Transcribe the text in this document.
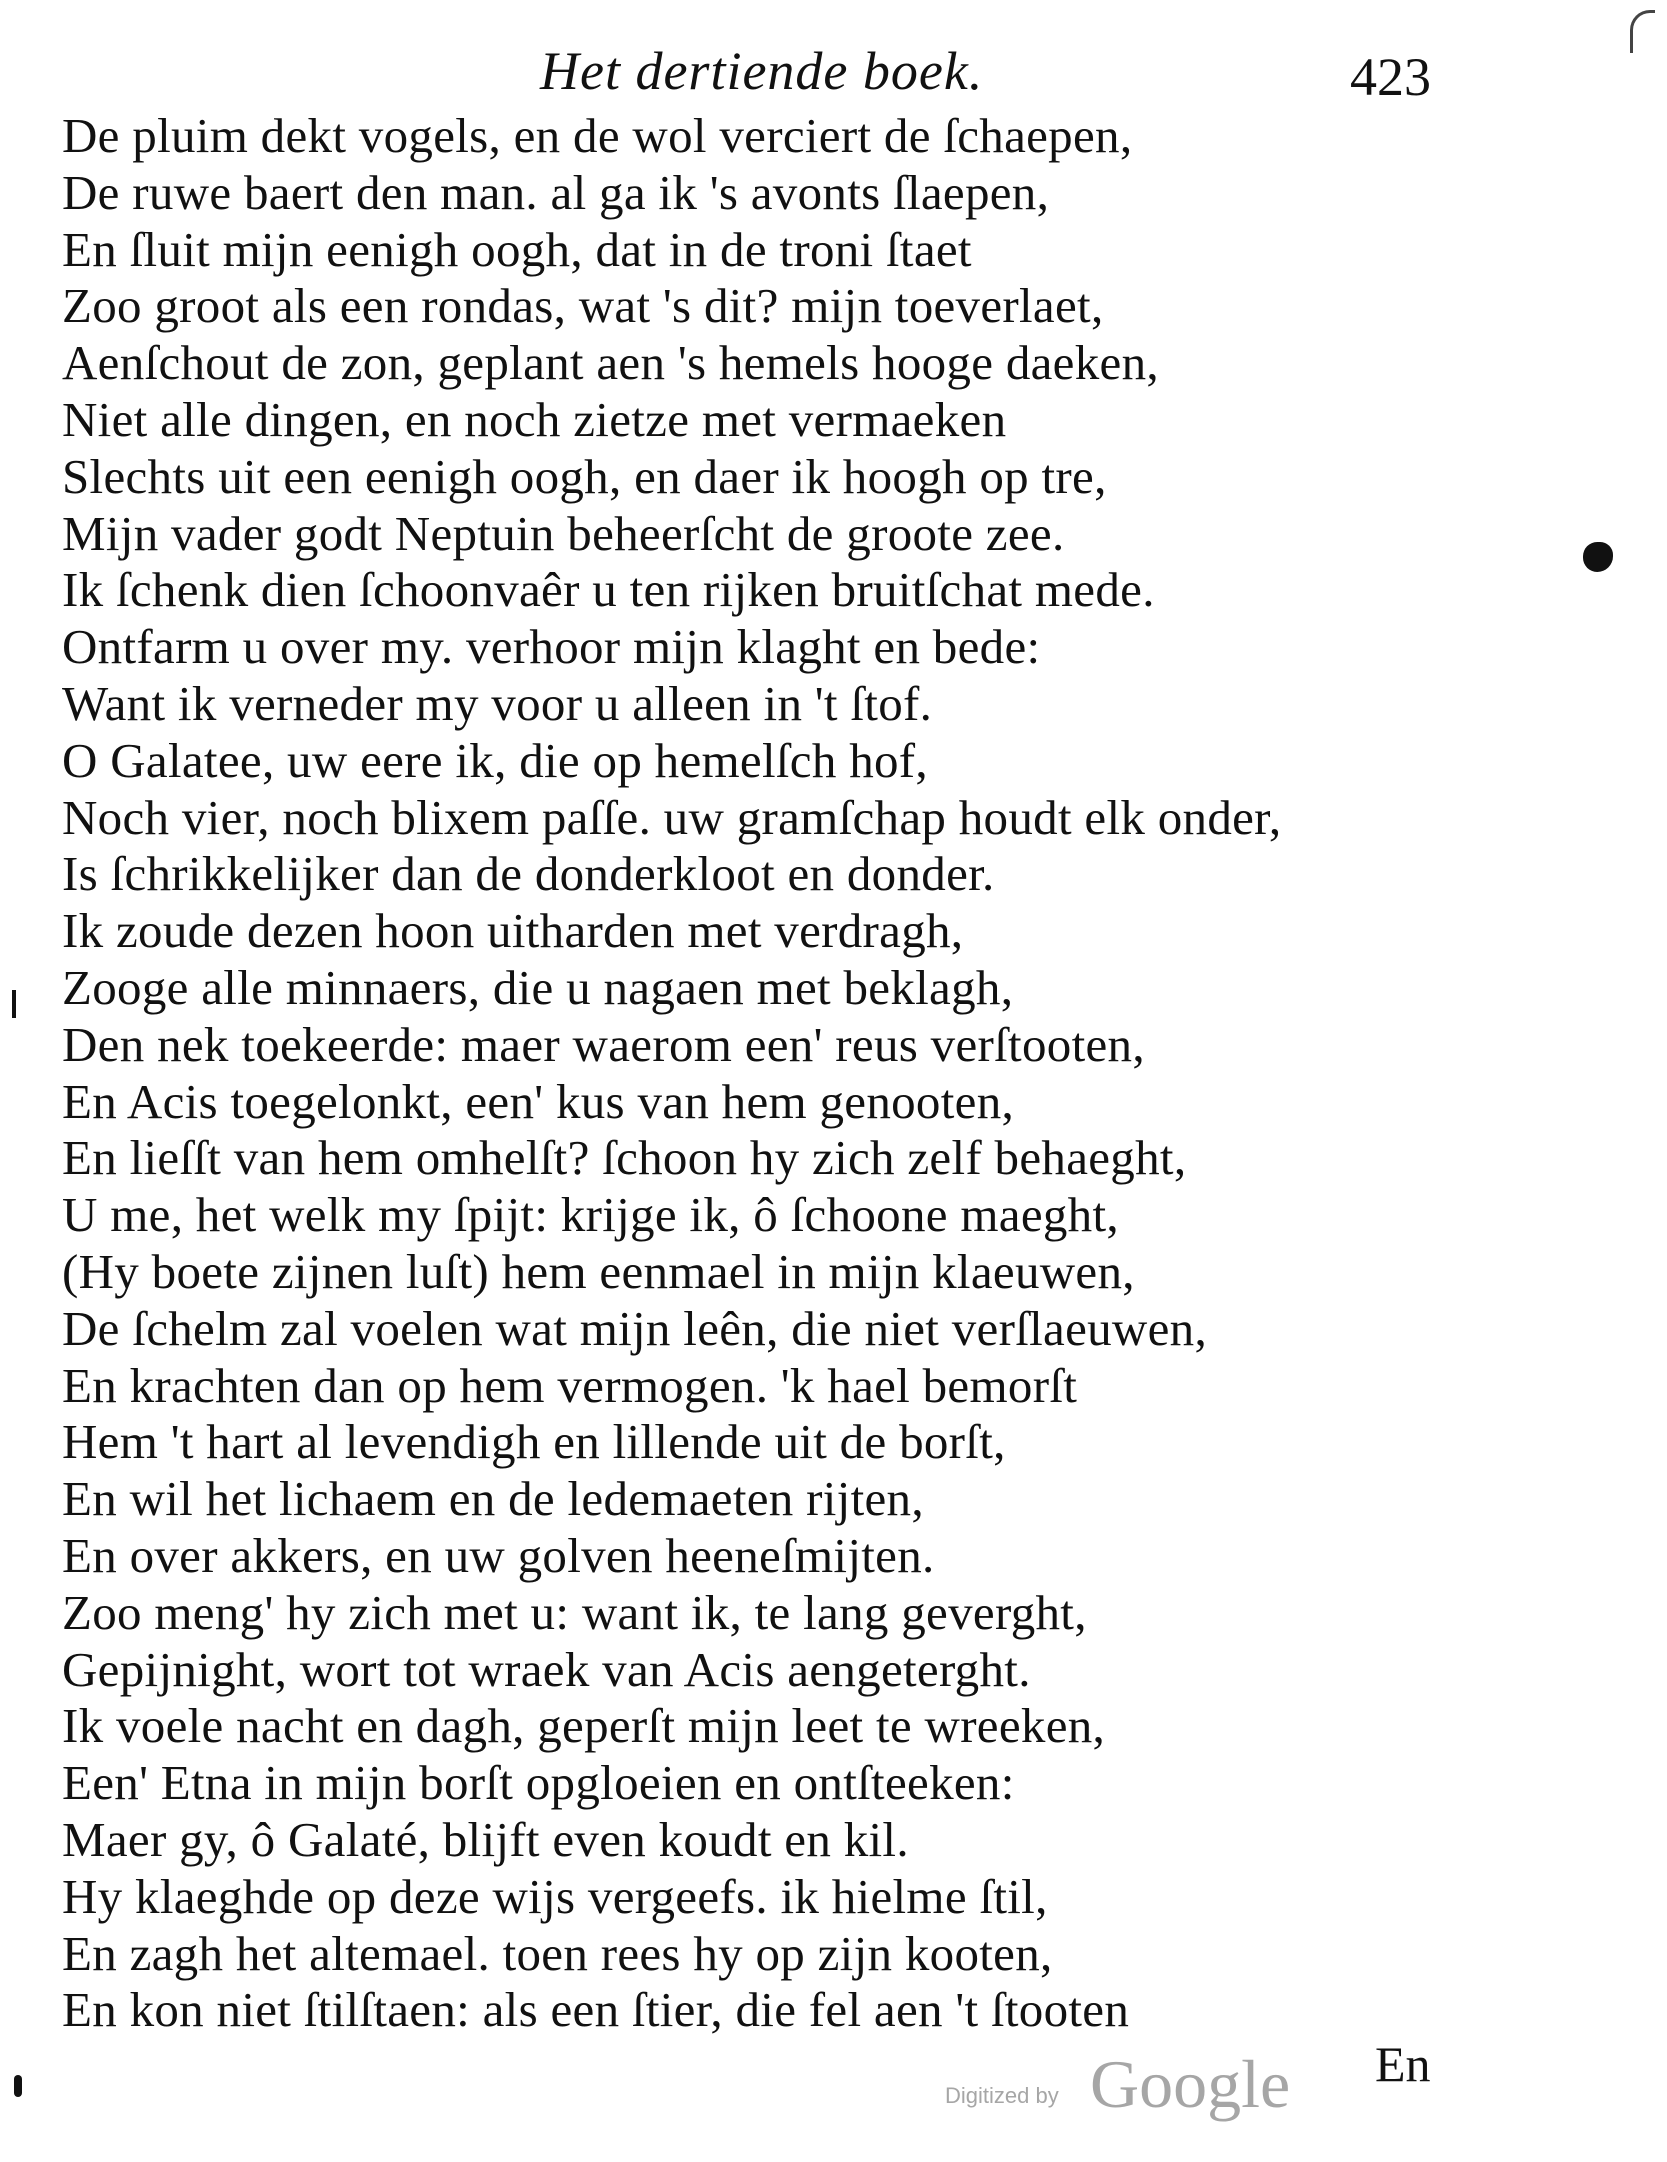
Het dertiende boek.	423
De pluim dekt vogels, en de wol verciert de ſchaepen,
De ruwe baert den man. al ga ik 's avonts ſlaepen,
En ſluit mijn eenigh oogh, dat in de troni ſtaet
Zoo groot als een rondas, wat 's dit? mijn toeverlaet,
Aenſchout de zon, geplant aen 's hemels hooge daeken,
Niet alle dingen, en noch zietze met vermaeken
Slechts uit een eenigh oogh, en daer ik hoogh op tre,
Mijn vader godt Neptuin beheerſcht de groote zee.
Ik ſchenk dien ſchoonvaêr u ten rijken bruitſchat mede.
Ontfarm u over my. verhoor mijn klaght en bede:
Want ik verneder my voor u alleen in 't ſtof.
O Galatee, uw eere ik, die op hemelſch hof,
Noch vier, noch blixem paſſe. uw gramſchap houdt elk onder,
Is ſchrikkelijker dan de donderkloot en donder.
Ik zoude dezen hoon uitharden met verdragh,
Zooge alle minnaers, die u nagaen met beklagh,
Den nek toekeerde: maer waerom een' reus verſtooten,
En Acis toegelonkt, een' kus van hem genooten,
En lieſſt van hem omhelſt? ſchoon hy zich zelf behaeght,
U me, het welk my ſpijt: krijge ik, ô ſchoone maeght,
(Hy boete zijnen luſt) hem eenmael in mijn klaeuwen,
De ſchelm zal voelen wat mijn leên, die niet verſlaeuwen,
En krachten dan op hem vermogen. 'k hael bemorſt
Hem 't hart al levendigh en lillende uit de borſt,
En wil het lichaem en de ledemaeten rijten,
En over akkers, en uw golven heeneſmijten.
Zoo meng' hy zich met u: want ik, te lang geverght,
Gepijnight, wort tot wraek van Acis aengeterght.
Ik voele nacht en dagh, geperſt mijn leet te wreeken,
Een' Etna in mijn borſt opgloeien en ontſteeken:
Maer gy, ô Galaté, blijft even koudt en kil.
Hy klaeghde op deze wijs vergeefs. ik hielme ſtil,
En zagh het altemael. toen rees hy op zijn kooten,
En kon niet ſtilſtaen: als een ſtier, die fel aen 't ſtooten
En
Digitized by Google
